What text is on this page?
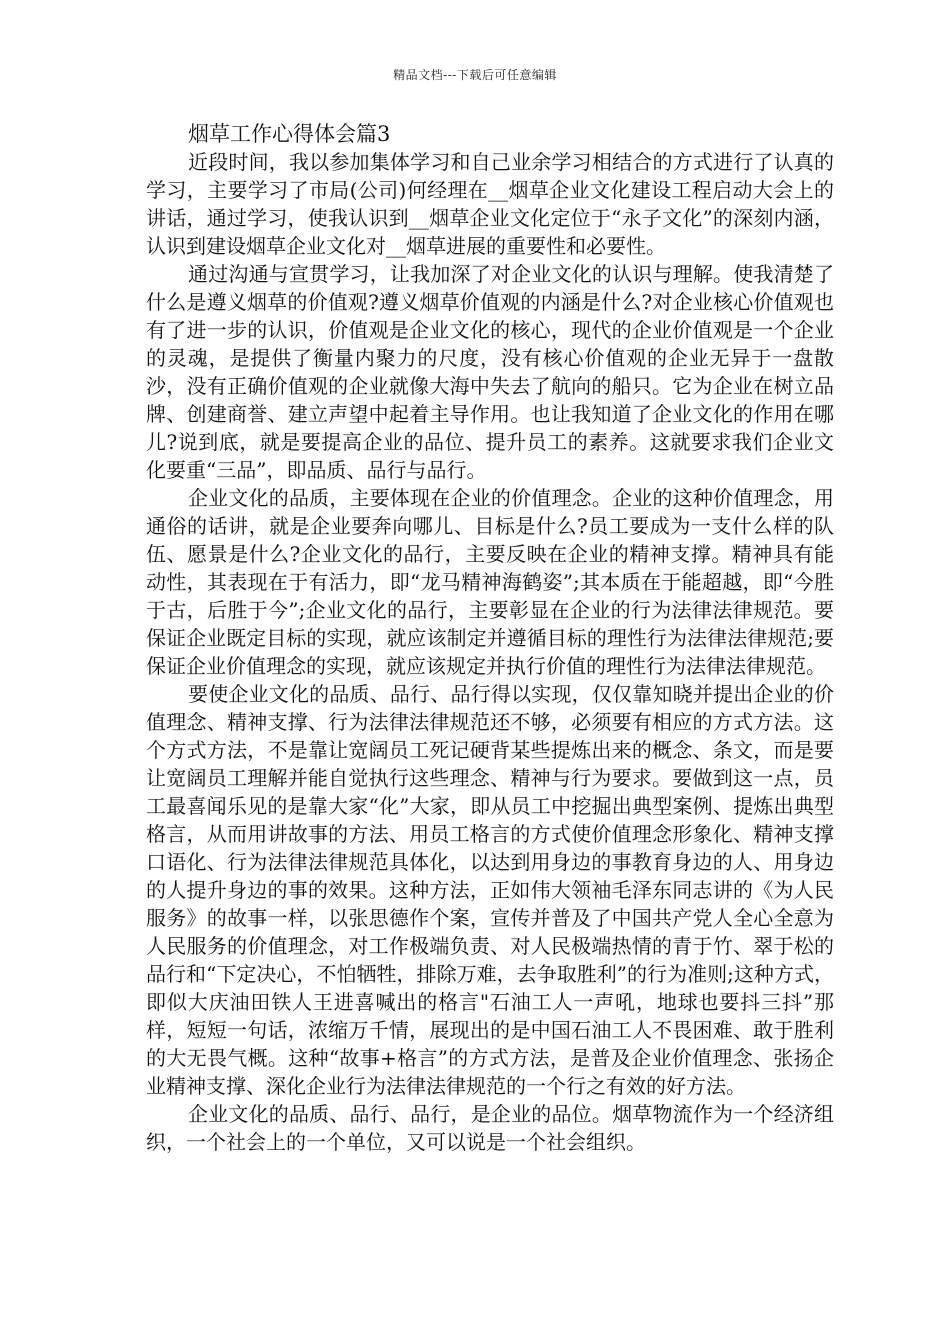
精品文档---下载后可任意编辑
烟草工作心得体会篇3

近段时间，我以参加集体学习和自己业余学习相结合的方式进行了认真的学习，主要学习了市局(公司)何经理在__烟草企业文化建设工程启动大会上的讲话，通过学习，使我认识到__烟草企业文化定位于“永子文化”的深刻内涵，认识到建设烟草企业文化对__烟草进展的重要性和必要性。

通过沟通与宣贯学习，让我加深了对企业文化的认识与理解。使我清楚了什么是遵义烟草的价值观?遵义烟草价值观的内涵是什么?对企业核心价值观也有了进一步的认识，价值观是企业文化的核心，现代的企业价值观是一个企业的灵魂，是提供了衡量内聚力的尺度，没有核心价值观的企业无异于一盘散沙，没有正确价值观的企业就像大海中失去了航向的船只。它为企业在树立品牌、创建商誉、建立声望中起着主导作用。也让我知道了企业文化的作用在哪儿?说到底，就是要提高企业的品位、提升员工的素养。这就要求我们企业文化要重“三品”，即品质、品行与品行。

企业文化的品质，主要体现在企业的价值理念。企业的这种价值理念，用通俗的话讲，就是企业要奔向哪儿、目标是什么?员工要成为一支什么样的队伍、愿景是什么?企业文化的品行，主要反映在企业的精神支撑。精神具有能动性，其表现在于有活力，即“龙马精神海鹤姿”;其本质在于能超越，即“今胜于古，后胜于今”;企业文化的品行，主要彰显在企业的行为法律法律规范。要保证企业既定目标的实现，就应该制定并遵循目标的理性行为法律法律规范;要保证企业价值理念的实现，就应该规定并执行价值的理性行为法律法律规范。

要使企业文化的品质、品行、品行得以实现，仅仅靠知晓并提出企业的价值理念、精神支撑、行为法律法律规范还不够，必须要有相应的方式方法。这个方式方法，不是靠让宽阔员工死记硬背某些提炼出来的概念、条文，而是要让宽阔员工理解并能自觉执行这些理念、精神与行为要求。要做到这一点，员工最喜闻乐见的是靠大家“化”大家，即从员工中挖掘出典型案例、提炼出典型格言，从而用讲故事的方法、用员工格言的方式使价值理念形象化、精神支撑口语化、行为法律法律规范具体化，以达到用身边的事教育身边的人、用身边的人提升身边的事的效果。这种方法，正如伟大领袖毛泽东同志讲的《为人民服务》的故事一样，以张思德作个案，宣传并普及了中国共产党人全心全意为人民服务的价值理念，对工作极端负责、对人民极端热情的青于竹、翠于松的品行和“下定决心，不怕牺牲，排除万难，去争取胜利”的行为准则;这种方式，即似大庆油田铁人王进喜喊出的格言"石油工人一声吼，地球也要抖三抖”那样，短短一句话，浓缩万千情，展现出的是中国石油工人不畏困难、敢于胜利的大无畏气概。这种“故事+格言”的方式方法，是普及企业价值理念、张扬企业精神支撑、深化企业行为法律法律规范的一个行之有效的好方法。

企业文化的品质、品行、品行，是企业的品位。烟草物流作为一个经济组织，一个社会上的一个单位，又可以说是一个社会组织。
